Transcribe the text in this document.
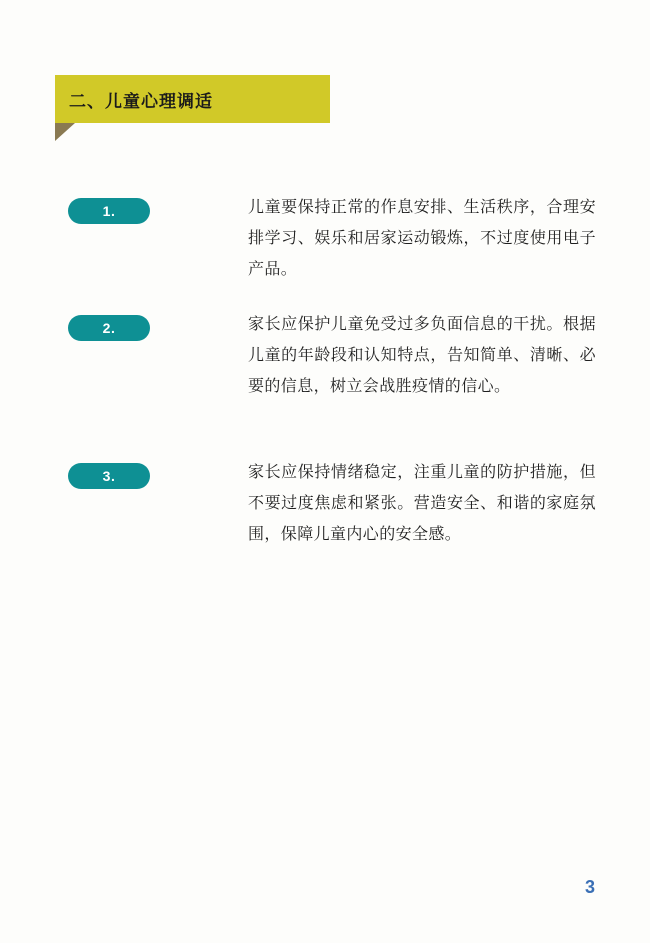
二、儿童心理调适
1.	儿童要保持正常的作息安排、生活秩序，合理安排学习、娱乐和居家运动锻炼，不过度使用电子产品。
2.	家长应保护儿童免受过多负面信息的干扰。根据儿童的年龄段和认知特点，告知简单、清晰、必要的信息，树立会战胜疫情的信心。
3.	家长应保持情绪稳定，注重儿童的防护措施，但不要过度焦虑和紧张。营造安全、和谐的家庭氛围，保障儿童内心的安全感。
3
